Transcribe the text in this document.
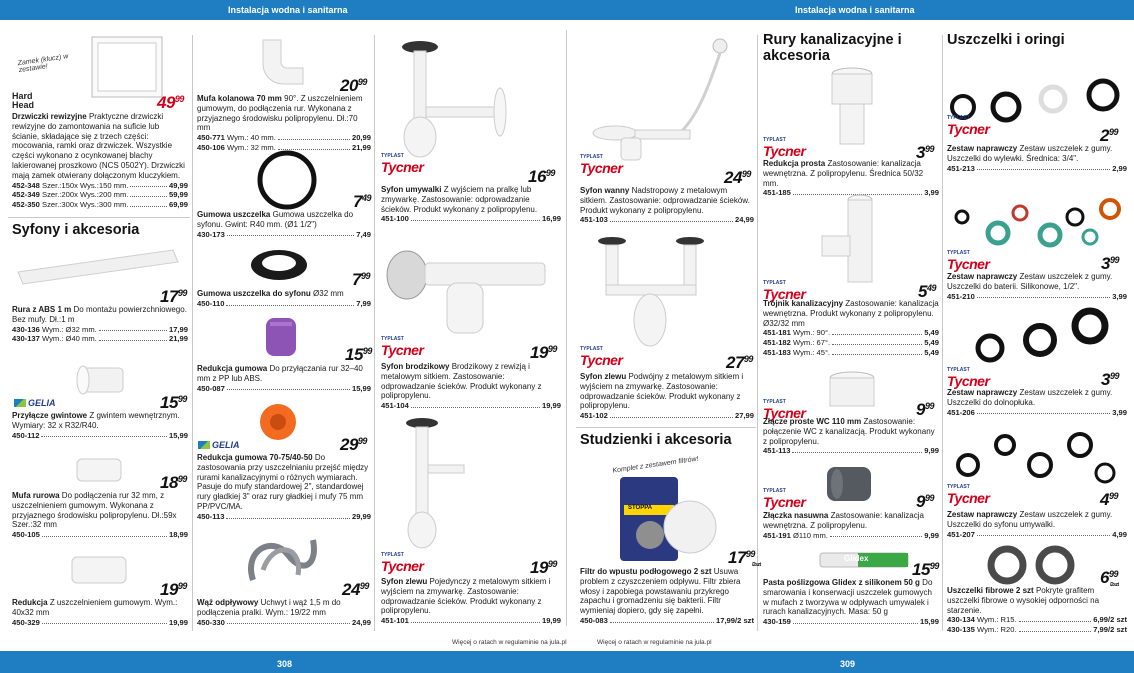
Instalacja wodna i sanitarna	Instalacja wodna i sanitarna
308	309
Więcej o ratach w regulaminie na jula.pl	Więcej o ratach w regulaminie na jula.pl
Zamek (klucz) w zestawie!
Hard Head	$49^{99}$
Drzwiczki rewizyjne Praktyczne drzwiczki rewizyjne do zamontowania na suficie lub ścianie, składające się z trzech części: mocowania, ramki oraz drzwiczek. Wszystkie części wykonano z ocynkowanej blachy lakierowanej proszkowo (NCS 0502Y). Drzwiczki mają zamek otwierany dołączonym kluczykiem.
452-348
Szer.:150x Wys.:150 mm.	49,99
452-349
Szer.:200x Wys.:200 mm.	59,99
452-350
Szer.:300x Wys.:300 mm.	69,99
Syfony i akcesoria
$17^{99}$
Rura z ABS 1 m Do montażu powierzchniowego. Bez mufy. Dł.:1 m
430-136
Wym.: Ø32 mm.	17,99
430-137
Wym.: Ø40 mm.	21,99
GELIA	$15^{99}$
Przyłącze gwintowe Z gwintem wewnętrznym. Wymiary: 32 x R32/R40.
450-112	15,99
$18^{99}$
Mufa rurowa Do podłączenia rur 32 mm, z uszczelnieniem gumowym. Wykonana z przyjaznego środowisku polipropylenu. Dł.:59x Szer.:32 mm
450-105	18,99
$19^{99}$
Redukcja Z uszczelnieniem gumowym. Wym.: 40x32 mm
450-329	19,99
$20^{99}$
Mufa kolanowa 70 mm 90°. Z uszczelnieniem gumowym, do podłączenia rur. Wykonana z przyjaznego środowisku polipropylenu. Dł.:70 mm
450-771
Wym.: 40 mm.	20,99
450-106
Wym.: 32 mm.	21,99
$7^{49}$
Gumowa uszczelka Gumowa uszczelka do syfonu. Gwint: R40 mm. (Ø1 1/2")
430-173	7,49
$7^{99}$
Gumowa uszczelka do syfonu Ø32 mm
450-110	7,99
$15^{99}$
Redukcja gumowa Do przyłączania rur 32–40 mm z PP lub ABS.
450-087	15,99
GELIA	$29^{99}$
Redukcja gumowa 70-75/40-50 Do zastosowania przy uszczelnianiu przejść między rurami kanalizacyjnymi o różnych wymiarach. Pasuje do mufy standardowej 2", standardowej rury gładkiej 3" oraz rury gładkiej i mufy 75 mm PP/PVC/MA.
450-113	29,99
$24^{99}$
Wąż odpływowy Uchwyt i wąż 1,5 m do podłączenia pralki. Wym.: 19/22 mm
450-330	24,99
TYPLAST
Tycner	$16^{99}$
Syfon umywalki Z wyjściem na pralkę lub zmywarkę. Zastosowanie: odprowadzanie ścieków. Produkt wykonany z polipropylenu.
451-100	16,99
TYPLAST
Tycner	$19^{99}$
Syfon brodzikowy Brodzikowy z rewizją i metalowym sitkiem. Zastosowanie: odprowadzanie ścieków. Produkt wykonany z polipropylenu.
451-104	19,99
TYPLAST
Tycner	$19^{99}$
Syfon zlewu Pojedynczy z metalowym sitkiem i wyjściem na zmywarkę. Zastosowanie: odprowadzanie ścieków. Produkt wykonany z polipropylenu.
451-101	19,99
TYPLAST
Tycner	$24^{99}$
Syfon wanny Nadstropowy z metalowym sitkiem. Zastosowanie: odprowadzanie ścieków. Produkt wykonany z polipropylenu.
451-103	24,99
TYPLAST
Tycner	$27^{99}$
Syfon zlewu Podwójny z metalowym sitkiem i wyjściem na zmywarkę. Zastosowanie: odprowadzanie ścieków. Produkt wykonany z polipropylenu.
451-102	27,99
Studzienki i akcesoria
Komplet z zestawem filtrów!
STOPPA
$17^{99}$
/2szt
Filtr do wpustu podłogowego 2 szt Usuwa problem z czyszczeniem odpływu. Filtr zbiera włosy i zapobiega powstawaniu przykrego zapachu i gromadzeniu się bakterii. Filtr wymieniaj dopiero, gdy się zapełni.
450-083	17,99/2 szt
Rury kanalizacyjne i akcesoria
TYPLAST
Tycner	$3^{99}$
Redukcja prosta Zastosowanie: kanalizacja wewnętrzna. Z polipropylenu. Średnica 50/32 mm.
451-185	3,99
TYPLAST
Tycner	$5^{49}$
Trójnik kanalizacyjny Zastosowanie: kanalizacja wewnętrzna. Produkt wykonany z polipropylenu. Ø32/32 mm
451-181
Wym.: 90°.	5,49
451-182
Wym.: 67°.	5,49
451-183
Wym.: 45°.	5,49
TYPLAST
Tycner	$9^{99}$
Złącze proste WC 110 mm Zastosowanie: połączenie WC z kanalizacją. Produkt wykonany z polipropylenu.
451-113	9,99
TYPLAST
Tycner	$9^{99}$
Złączka nasuwna Zastosowanie: kanalizacja wewnętrzna. Z polipropylenu.
451-191
Ø110 mm.	9,99
Glidex
$15^{99}$
Pasta poślizgowa Glidex z silikonem 50 g Do smarowania i konserwacji uszczelek gumowych w mufach z tworzywa w odpływach umywalek i rurach kanalizacyjnych. Masa: 50 g
430-159	15,99
Uszczelki i oringi
TYPLAST
Tycner	$2^{99}$
Zestaw naprawczy Zestaw uszczelek z gumy. Uszczelki do wylewki. Średnica: 3/4".
451-213	2,99
TYPLAST
Tycner	$3^{99}$
Zestaw naprawczy Zestaw uszczelek z gumy. Uszczelki do baterii. Silikonowe, 1/2".
451-210	3,99
TYPLAST
Tycner	$3^{99}$
Zestaw naprawczy Zestaw uszczelek z gumy. Uszczelki do dolnopłuka.
451-206	3,99
TYPLAST
Tycner	$4^{99}$
Zestaw naprawczy Zestaw uszczelek z gumy. Uszczelki do syfonu umywalki.
451-207	4,99
$6^{99}$
/2szt
Uszczelki fibrowe 2 szt Pokryte grafitem uszczelki fibrowe o wysokiej odporności na starzenie.
430-134
Wym.: R15.	6,99/2 szt
430-135
Wym.: R20.	7,99/2 szt
